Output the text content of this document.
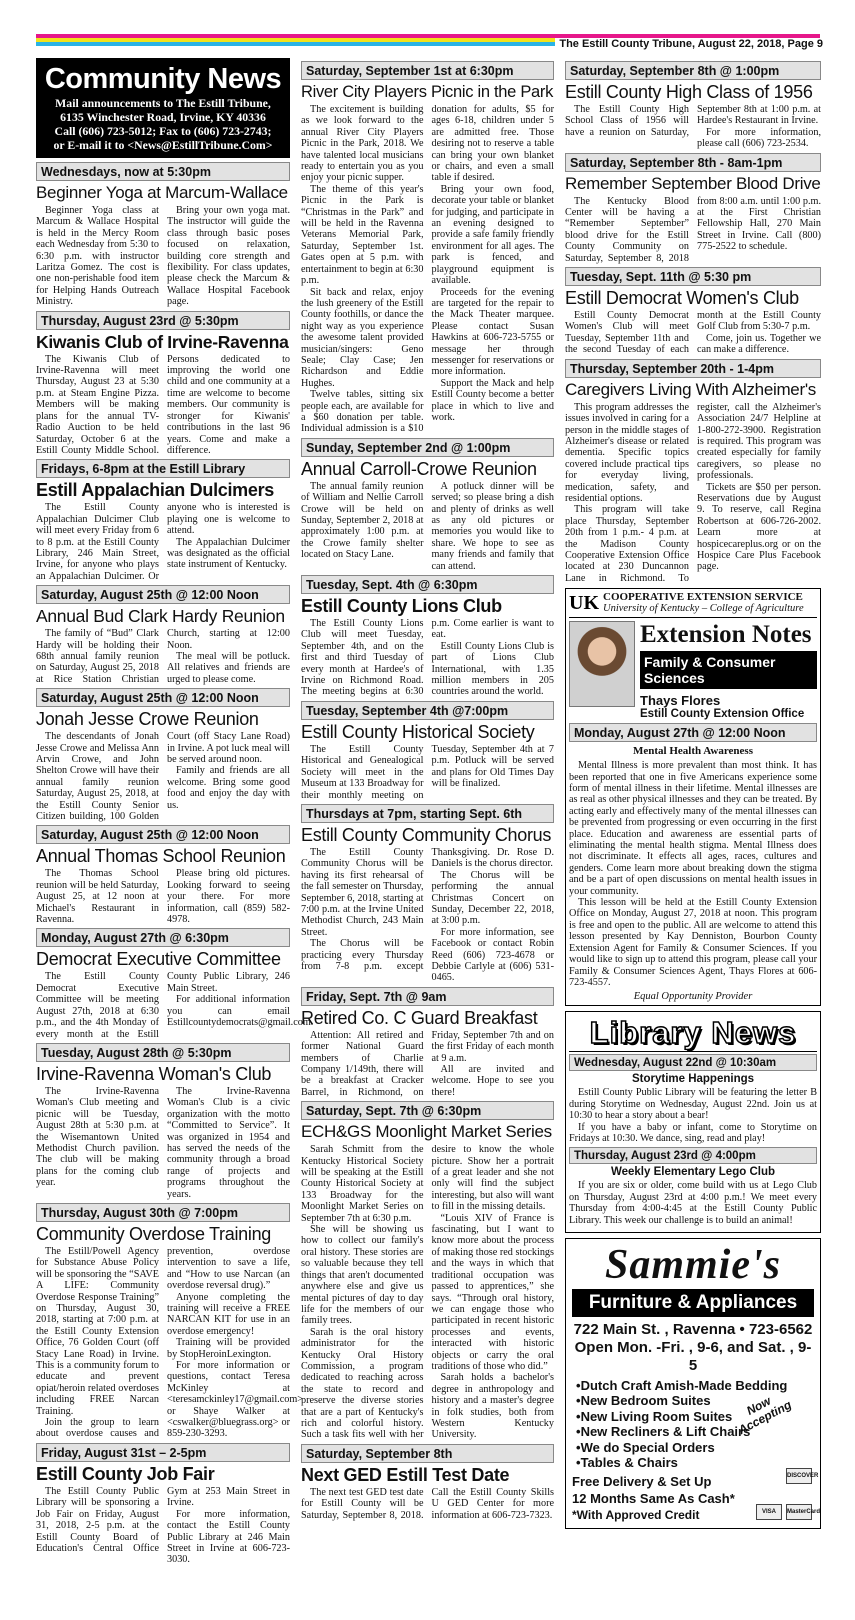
The Estill County Tribune, August 22, 2018, Page 9
Community News
Mail announcements to The Estill Tribune,
6135 Winchester Road, Irvine, KY 40336
Call (606) 723-5012; Fax to (606) 723-2743;
or E-mail it to <News@EstillTribune.Com>
Wednesdays, now at 5:30pm
Beginner Yoga at Marcum-Wallace

Beginner Yoga class at Marcum & Wallace Hospital is held in the Mercy Room each Wednesday from 5:30 to 6:30 p.m. with instructor Laritza Gomez. The cost is one non-perishable food item for Helping Hands Outreach Ministry.

Bring your own yoga mat. The instructor will guide the class through basic poses focused on relaxation, building core strength and flexibility. For class updates, please check the Marcum & Wallace Hospital Facebook page.

Thursday, August 23rd @ 5:30pm
Kiwanis Club of Irvine-Ravenna

The Kiwanis Club of Irvine-Ravenna will meet Thursday, August 23 at 5:30 p.m. at Steam Engine Pizza. Members will be making plans for the annual TV-Radio Auction to be held Saturday, October 6 at the Estill County Middle School. Persons dedicated to improving the world one child and one community at a time are welcome to become members. Our community is stronger for Kiwanis' contributions in the last 96 years. Come and make a difference.

Fridays, 6-8pm at the Estill Library
Estill Appalachian Dulcimers

The Estill County Appalachian Dulcimer Club will meet every Friday from 6 to 8 p.m. at the Estill County Library, 246 Main Street, Irvine, for anyone who plays an Appalachian Dulcimer. Or anyone who is interested is playing one is welcome to attend.

The Appalachian Dulcimer was designated as the official state instrument of Kentucky.

Saturday, August 25th @ 12:00 Noon
Annual Bud Clark Hardy Reunion

The family of “Bud” Clark Hardy will be holding their 68th annual family reunion on Saturday, August 25, 2018 at Rice Station Christian Church, starting at 12:00 Noon.

The meal will be potluck. All relatives and friends are urged to please come.

Saturday, August 25th @ 12:00 Noon
Jonah Jesse Crowe Reunion

The descendants of Jonah Jesse Crowe and Melissa Ann Arvin Crowe, and John Shelton Crowe will have their annual family reunion Saturday, August 25, 2018, at the Estill County Senior Citizen building, 100 Golden Court (off Stacy Lane Road) in Irvine. A pot luck meal will be served around noon.

Family and friends are all welcome. Bring some good food and enjoy the day with us.

Saturday, August 25th @ 12:00 Noon
Annual Thomas School Reunion

The Thomas School reunion will be held Saturday, August 25, at 12 noon at Michael's Restaurant in Ravenna.

Please bring old pictures. Looking forward to seeing your there. For more information, call (859) 582-4978.

Monday, August 27th @ 6:30pm
Democrat Executive Committee

The Estill County Democrat Executive Committee will be meeting August 27th, 2018 at 6:30 p.m., and the 4th Monday of every month at the Estill County Public Library, 246 Main Street.

For additional information you can email Estillcountydemocrats@gmail.com.

Tuesday, August 28th @ 5:30pm
Irvine-Ravenna Woman's Club

The Irvine-Ravenna Woman's Club meeting and picnic will be Tuesday, August 28th at 5:30 p.m. at the Wisemantown United Methodist Church pavilion. The club will be making plans for the coming club year.

The Irvine-Ravenna Woman's Club is a civic organization with the motto “Committed to Service”. It was organized in 1954 and has served the needs of the community through a broad range of projects and programs throughout the years.

Thursday, August 30th @ 7:00pm
Community Overdose Training

The Estill/Powell Agency for Substance Abuse Policy will be sponsoring the “SAVE A LIFE: Community Overdose Response Training” on Thursday, August 30, 2018, starting at 7:00 p.m. at the Estill County Extension Office, 76 Golden Court (off Stacy Lane Road) in Irvine. This is a community forum to educate and prevent opiat/heroin related overdoses including FREE Narcan Training.

Join the group to learn about overdose causes and prevention, overdose intervention to save a life, and “How to use Narcan (an overdose reversal drug).”

Anyone completing the training will receive a FREE NARCAN KIT for use in an overdose emergency!

Training will be provided by StopHeroinLexington.

For more information or questions, contact Teresa McKinley at <teresamckinley17@gmail.com> or Shaye Walker at <cswalker@bluegrass.org> or 859-230-3293.

Friday, August 31st – 2-5pm
Estill County Job Fair

The Estill County Public Library will be sponsoring a Job Fair on Friday, August 31, 2018, 2-5 p.m. at the Estill County Board of Education's Central Office Gym at 253 Main Street in Irvine.

For more information, contact the Estill County Public Library at 246 Main Street in Irvine at 606-723-3030.

Saturday, September 1st at 6:30pm
River City Players Picnic in the Park

The excitement is building as we look forward to the annual River City Players Picnic in the Park, 2018. We have talented local musicians ready to entertain you as you enjoy your picnic supper.

The theme of this year's Picnic in the Park is “Christmas in the Park” and will be held in the Ravenna Veterans Memorial Park, Saturday, September 1st. Gates open at 5 p.m. with entertainment to begin at 6:30 p.m.

Sit back and relax, enjoy the lush greenery of the Estill County foothills, or dance the night way as you experience the awesome talent provided musician/singers: Geno Seale; Clay Case; Jen Richardson and Eddie Hughes.

Twelve tables, sitting six people each, are available for a $60 donation per table. Individual admission is a $10 donation for adults, $5 for ages 6-18, children under 5 are admitted free. Those desiring not to reserve a table can bring your own blanket or chairs, and even a small table if desired.

Bring your own food, decorate your table or blanket for judging, and participate in an evening designed to provide a safe family friendly environment for all ages. The park is fenced, and playground equipment is available.

Proceeds for the evening are targeted for the repair to the Mack Theater marquee. Please contact Susan Hawkins at 606-723-5755 or message her through messenger for reservations or more information.

Support the Mack and help Estill County become a better place in which to live and work.

Sunday, September 2nd @ 1:00pm
Annual Carroll-Crowe Reunion

The annual family reunion of William and Nellie Carroll Crowe will be held on Sunday, September 2, 2018 at approximately 1:00 p.m. at the Crowe family shelter located on Stacy Lane.

A potluck dinner will be served; so please bring a dish and plenty of drinks as well as any old pictures or memories you would like to share. We hope to see as many friends and family that can attend.

Tuesday, Sept. 4th @ 6:30pm
Estill County Lions Club

The Estill County Lions Club will meet Tuesday, September 4th, and on the first and third Tuesday of every month at Hardee's of Irvine on Richmond Road. The meeting begins at 6:30 p.m. Come earlier is want to eat.

Estill County Lions Club is part of Lions Club International, with 1.35 million members in 205 countries around the world.

Tuesday, September 4th @7:00pm
Estill County Historical Society

The Estill County Historical and Genealogical Society will meet in the Museum at 133 Broadway for their monthly meeting on Tuesday, September 4th at 7 p.m. Potluck will be served and plans for Old Times Day will be finalized.

Thursdays at 7pm, starting Sept. 6th
Estill County Community Chorus

The Estill County Community Chorus will be having its first rehearsal of the fall semester on Thursday, September 6, 2018, starting at 7:00 p.m. at the Irvine United Methodist Church, 243 Main Street.

The Chorus will be practicing every Thursday from 7-8 p.m. except Thanksgiving. Dr. Rose D. Daniels is the chorus director.

The Chorus will be performing the annual Christmas Concert on Sunday, December 22, 2018, at 3:00 p.m.

For more information, see Facebook or contact Robin Reed (606) 723-4678 or Debbie Carlyle at (606) 531-0465.

Friday, Sept. 7th @ 9am
Retired Co. C Guard Breakfast

Attention: All retired and former National Guard members of Charlie Company 1/149th, there will be a breakfast at Cracker Barrel, in Richmond, on Friday, September 7th and on the first Friday of each month at 9 a.m.

All are invited and welcome. Hope to see you there!

Saturday, Sept. 7th @ 6:30pm
ECH&GS Moonlight Market Series

Sarah Schmitt from the Kentucky Historical Society will be speaking at the Estill County Historical Society at 133 Broadway for the Moonlight Market Series on September 7th at 6:30 p.m.

She will be showing us how to collect our family's oral history. These stories are so valuable because they tell things that aren't documented anywhere else and give us mental pictures of day to day life for the members of our family trees.

Sarah is the oral history administrator for the Kentucky Oral History Commission, a program dedicated to reaching across the state to record and preserve the diverse stories that are a part of Kentucky's rich and colorful history. Such a task fits well with her desire to know the whole picture. Show her a portrait of a great leader and she not only will find the subject interesting, but also will want to fill in the missing details.

“Louis XIV of France is fascinating, but I want to know more about the process of making those red stockings and the ways in which that traditional occupation was passed to apprentices,” she says. “Through oral history, we can engage those who participated in recent historic processes and events, interacted with historic objects or carry the oral traditions of those who did.”

Sarah holds a bachelor's degree in anthropology and history and a master's degree in folk studies, both from Western Kentucky University.

Saturday, September 8th
Next GED Estill Test Date

The next test GED test date for Estill County will be Saturday, September 8, 2018. Call the Estill County Skills U GED Center for more information at 606-723-7323.

Saturday, September 8th @ 1:00pm
Estill County High Class of 1956

The Estill County High School Class of 1956 will have a reunion on Saturday, September 8th at 1:00 p.m. at Hardee's Restaurant in Irvine.

For more information, please call (606) 723-2534.

Saturday, September 8th - 8am-1pm
Remember September Blood Drive

The Kentucky Blood Center will be having a “Remember September” blood drive for the Estill County Community on Saturday, September 8, 2018 from 8:00 a.m. until 1:00 p.m. at the First Christian Fellowship Hall, 270 Main Street in Irvine. Call (800) 775-2522 to schedule.

Tuesday, Sept. 11th @ 5:30 pm
Estill Democrat Women's Club

Estill County Democrat Women's Club will meet Tuesday, September 11th and the second Tuesday of each month at the Estill County Golf Club from 5:30-7 p.m.

Come, join us. Together we can make a difference.

Thursday, September 20th - 1-4pm
Caregivers Living With Alzheimer's

This program addresses the issues involved in caring for a person in the middle stages of Alzheimer's disease or related dementia. Specific topics covered include practical tips for everyday living, medication, safety, and residential options.

This program will take place Thursday, September 20th from 1 p.m.- 4 p.m. at the Madison County Cooperative Extension Office located at 230 Duncannon Lane in Richmond. To register, call the Alzheimer's Association 24/7 Helpline at 1-800-272-3900. Registration is required. This program was created especially for family caregivers, so please no professionals.

Tickets are $50 per person. Reservations due by August 9. To reserve, call Regina Robertson at 606-726-2002. Learn more at hospicecareplus.org or on the Hospice Care Plus Facebook page.

UK COOPERATIVE EXTENSION SERVICE
University of Kentucky – College of Agriculture
Extension Notes
Family & Consumer Sciences
Thays Flores
Estill County Extension Office
Monday, August 27th @ 12:00 Noon
Mental Health Awareness

Mental Illness is more prevalent than most think. It has been reported that one in five Americans experience some form of mental illness in their lifetime. Mental illnesses are as real as other physical illnesses and they can be treated. By acting early and effectively many of the mental illnesses can be prevented from progressing or even occurring in the first place. Education and awareness are essential parts of eliminating the mental health stigma. Mental Illness does not discriminate. It effects all ages, races, cultures and genders. Come learn more about breaking down the stigma and be a part of open discussions on mental health issues in your community.

This lesson will be held at the Estill County Extension Office on Monday, August 27, 2018 at noon. This program is free and open to the public. All are welcome to attend this lesson presented by Kay Denniston, Bourbon County Extension Agent for Family & Consumer Sciences. If you would like to sign up to attend this program, please call your Family & Consumer Sciences Agent, Thays Flores at 606-723-4557.

Equal Opportunity Provider
Library News
Wednesday, August 22nd @ 10:30am
Storytime Happenings

Estill County Public Library will be featuring the letter B during Storytime on Wednesday, August 22nd. Join us at 10:30 to hear a story about a bear!

If you have a baby or infant, come to Storytime on Fridays at 10:30. We dance, sing, read and play!

Thursday, August 23rd @ 4:00pm
Weekly Elementary Lego Club

If you are six or older, come build with us at Lego Club on Thursday, August 23rd at 4:00 p.m.! We meet every Thursday from 4:00-4:45 at the Estill County Public Library. This week our challenge is to build an animal!

Sammie's
Furniture & Appliances
722 Main St. , Ravenna • 723-6562
Open Mon. -Fri. , 9-6, and Sat. , 9-5
• Dutch Craft Amish-Made Bedding
• New Bedroom Suites
• New Living Room Suites
• New Recliners & Lift Chairs
• We do Special Orders
• Tables & Chairs
Now Accepting
Free Delivery & Set Up
12 Months Same As Cash*
*With Approved Credit
DISCOVER
VISA	MasterCard
